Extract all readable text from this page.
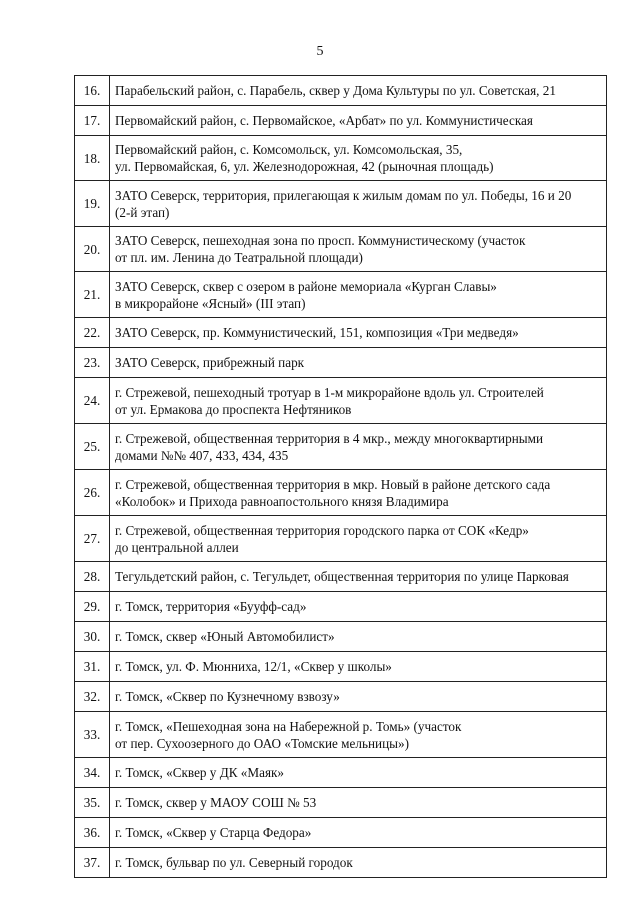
5
16.	Парабельский район, с. Парабель, сквер у Дома Культуры по ул. Советская, 21
17.	Первомайский район, с. Первомайское, «Арбат» по ул. Коммунистическая
18.	Первомайский район, с. Комсомольск, ул. Комсомольская, 35,
ул. Первомайская, 6, ул. Железнодорожная, 42 (рыночная площадь)
19.	ЗАТО Северск, территория, прилегающая к жилым домам по ул. Победы, 16 и 20
(2-й этап)
20.	ЗАТО Северск, пешеходная зона по просп. Коммунистическому (участок
от пл. им. Ленина до Театральной площади)
21.	ЗАТО Северск, сквер с озером в районе мемориала «Курган Славы»
в микрорайоне «Ясный» (III этап)
22.	ЗАТО Северск, пр. Коммунистический, 151, композиция «Три медведя»
23.	ЗАТО Северск, прибрежный парк
24.	г. Стрежевой, пешеходный тротуар в 1-м микрорайоне вдоль ул. Строителей
от ул. Ермакова до проспекта Нефтяников
25.	г. Стрежевой, общественная территория в 4 мкр., между многоквартирными
домами №№ 407, 433, 434, 435
26.	г. Стрежевой, общественная территория в мкр. Новый в районе детского сада
«Колобок» и Прихода равноапостольного князя Владимира
27.	г. Стрежевой, общественная территория городского парка от СОК «Кедр»
до центральной аллеи
28.	Тегульдетский район, с. Тегульдет, общественная территория по улице Парковая
29.	г. Томск, территория «Бууфф-сад»
30.	г. Томск, сквер «Юный Автомобилист»
31.	г. Томск, ул. Ф. Мюнниха, 12/1, «Сквер у школы»
32.	г. Томск, «Сквер по Кузнечному взвозу»
33.	г. Томск, «Пешеходная зона на Набережной р. Томь» (участок
от пер. Сухоозерного до ОАО «Томские мельницы»)
34.	г. Томск, «Сквер у ДК «Маяк»
35.	г. Томск, сквер у МАОУ СОШ № 53
36.	г. Томск, «Сквер у Старца Федора»
37.	г. Томск, бульвар по ул. Северный городок
